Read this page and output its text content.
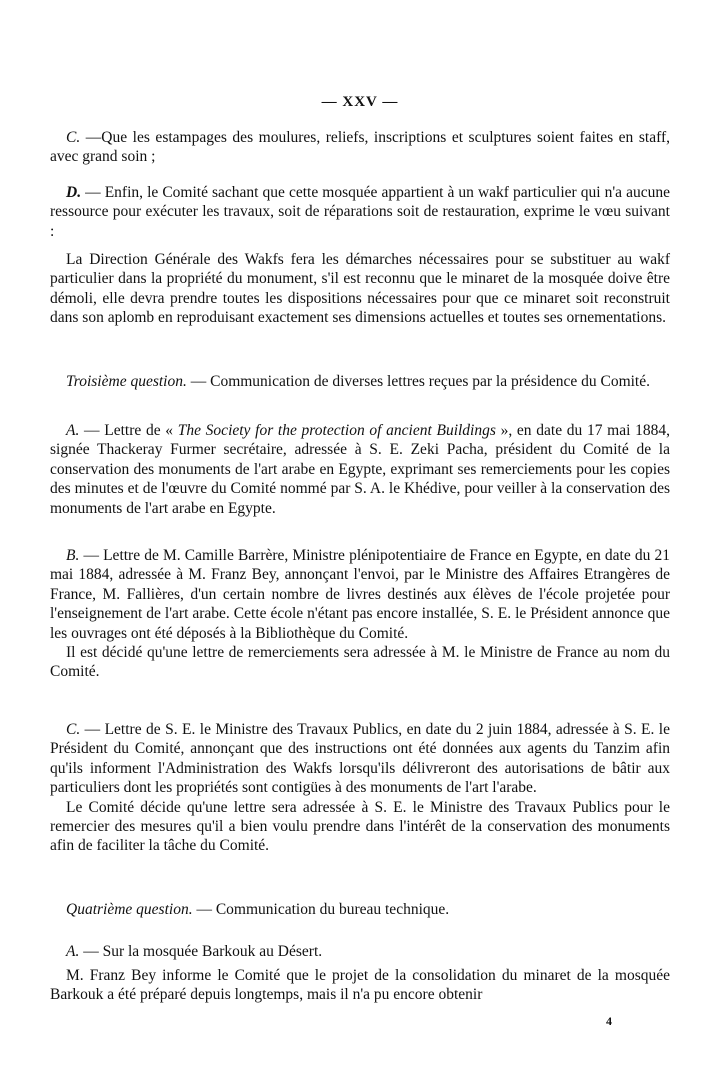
— XXV —

C. —Que les estampages des moulures, reliefs, inscriptions et sculptures soient faites en staff, avec grand soin ;

D. — Enfin, le Comité sachant que cette mosquée appartient à un wakf particulier qui n'a aucune ressource pour exécuter les travaux, soit de réparations soit de restauration, exprime le vœu suivant :

La Direction Générale des Wakfs fera les démarches nécessaires pour se substituer au wakf particulier dans la propriété du monument, s'il est reconnu que le minaret de la mosquée doive être démoli, elle devra prendre toutes les dispositions nécessaires pour que ce minaret soit reconstruit dans son aplomb en reproduisant exactement ses dimensions actuelles et toutes ses ornementations.

Troisième question. — Communication de diverses lettres reçues par la présidence du Comité.

A. — Lettre de « The Society for the protection of ancient Buildings », en date du 17 mai 1884, signée Thackeray Furmer secrétaire, adressée à S. E. Zeki Pacha, président du Comité de la conservation des monuments de l'art arabe en Egypte, exprimant ses remerciements pour les copies des minutes et de l'œuvre du Comité nommé par S. A. le Khédive, pour veiller à la conservation des monuments de l'art arabe en Egypte.

B. — Lettre de M. Camille Barrère, Ministre plénipotentiaire de France en Egypte, en date du 21 mai 1884, adressée à M. Franz Bey, annonçant l'envoi, par le Ministre des Affaires Etrangères de France, M. Fallières, d'un certain nombre de livres destinés aux élèves de l'école projetée pour l'enseignement de l'art arabe. Cette école n'étant pas encore installée, S. E. le Président annonce que les ouvrages ont été déposés à la Bibliothèque du Comité.

Il est décidé qu'une lettre de remerciements sera adressée à M. le Ministre de France au nom du Comité.

C. — Lettre de S. E. le Ministre des Travaux Publics, en date du 2 juin 1884, adressée à S. E. le Président du Comité, annonçant que des instructions ont été données aux agents du Tanzim afin qu'ils informent l'Administration des Wakfs lorsqu'ils délivreront des autorisations de bâtir aux particuliers dont les propriétés sont contigües à des monuments de l'art l'arabe.

Le Comité décide qu'une lettre sera adressée à S. E. le Ministre des Travaux Publics pour le remercier des mesures qu'il a bien voulu prendre dans l'intérêt de la conservation des monuments afin de faciliter la tâche du Comité.

Quatrième question. — Communication du bureau technique.

A. — Sur la mosquée Barkouk au Désert.

M. Franz Bey informe le Comité que le projet de la consolidation du minaret de la mosquée Barkouk a été préparé depuis longtemps, mais il n'a pu encore obtenir

4
